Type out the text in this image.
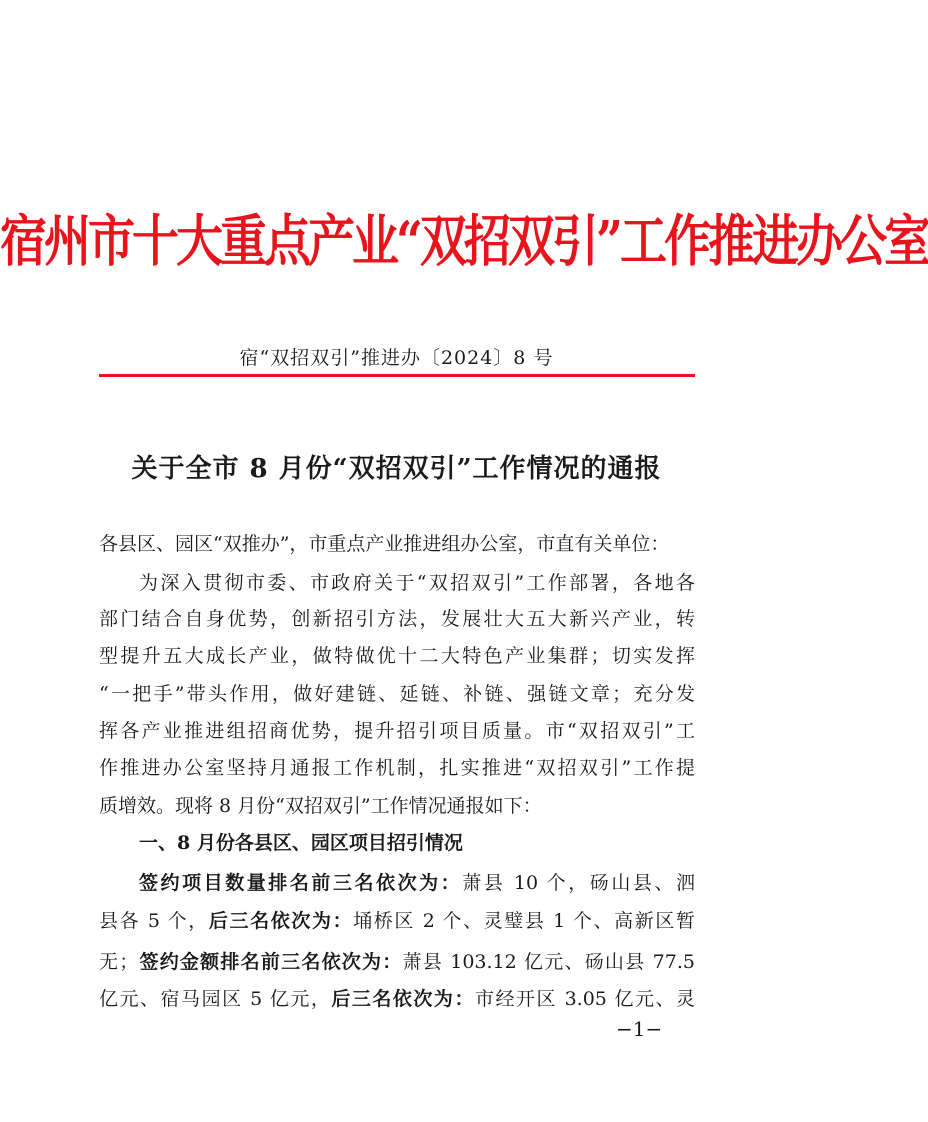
宿州市十大重点产业“双招双引”工作推进办公室
宿“双招双引”推进办〔2024〕8 号
关于全市 8 月份“双招双引”工作情况的通报
各县区、园区“双推办”，市重点产业推进组办公室，市直有关单位：
为深入贯彻市委、市政府关于“双招双引”工作部署，各地各
部门结合自身优势，创新招引方法，发展壮大五大新兴产业，转
型提升五大成长产业，做特做优十二大特色产业集群；切实发挥
“一把手”带头作用，做好建链、延链、补链、强链文章；充分发
挥各产业推进组招商优势，提升招引项目质量。市“双招双引”工
作推进办公室坚持月通报工作机制，扎实推进“双招双引”工作提
质增效。现将 8 月份“双招双引”工作情况通报如下：
一、8 月份各县区、园区项目招引情况
签约项目数量排名前三名依次为：萧县 10 个，砀山县、泗
县各 5 个，后三名依次为：埇桥区 2 个、灵璧县 1 个、高新区暂
无；签约金额排名前三名依次为：萧县 103.12 亿元、砀山县 77.5
亿元、宿马园区 5 亿元，后三名依次为：市经开区 3.05 亿元、灵
−1−
